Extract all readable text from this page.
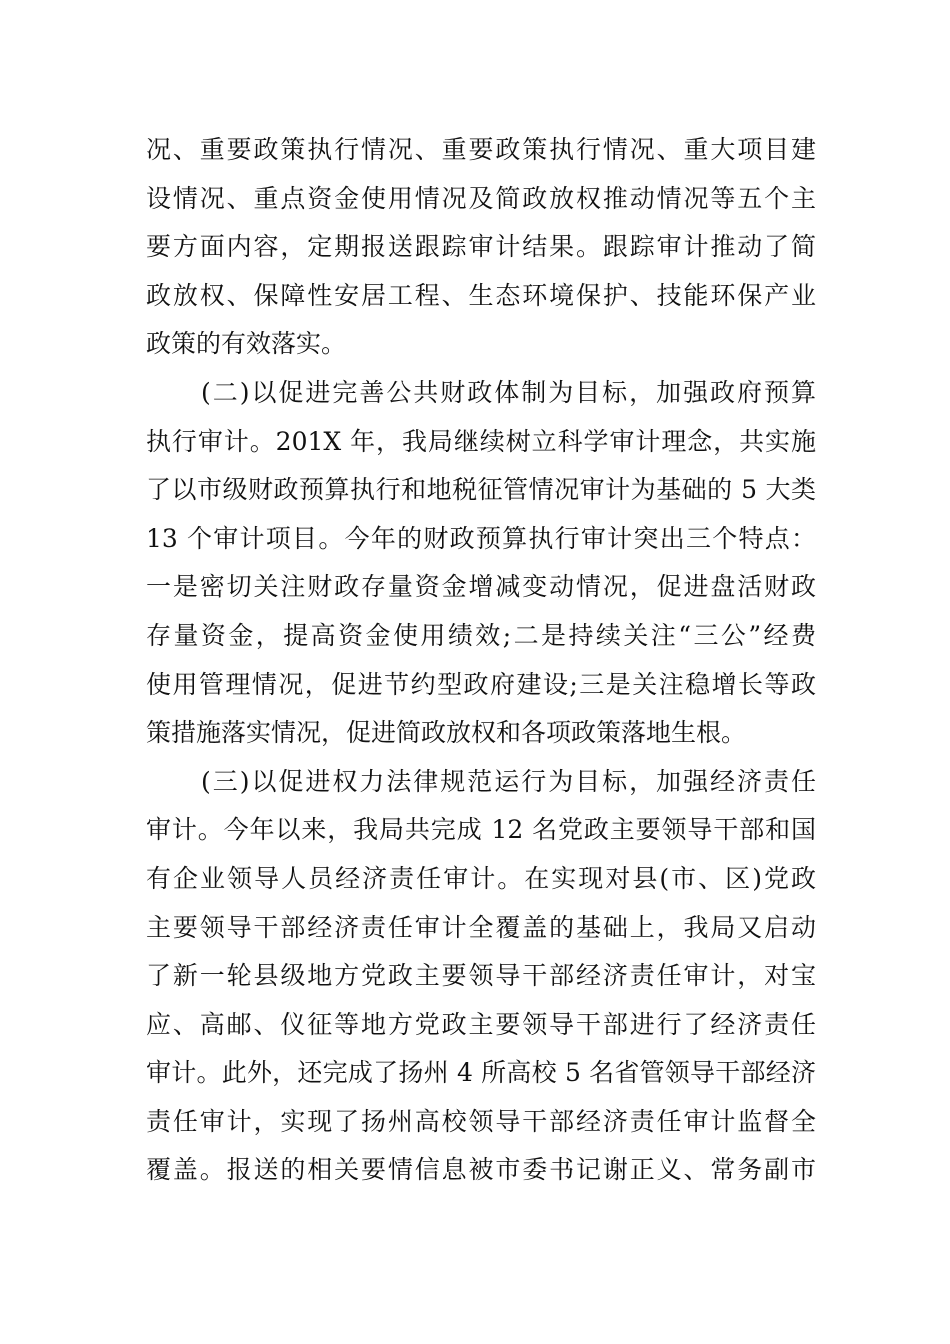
况、重要政策执行情况、重要政策执行情况、重大项目建
设情况、重点资金使用情况及简政放权推动情况等五个主
要方面内容，定期报送跟踪审计结果。跟踪审计推动了简
政放权、保障性安居工程、生态环境保护、技能环保产业
政策的有效落实。
(二)以促进完善公共财政体制为目标，加强政府预算
执行审计。201X 年，我局继续树立科学审计理念，共实施
了以市级财政预算执行和地税征管情况审计为基础的 5 大类
13 个审计项目。今年的财政预算执行审计突出三个特点：
一是密切关注财政存量资金增减变动情况，促进盘活财政
存量资金，提高资金使用绩效;二是持续关注“三公”经费
使用管理情况，促进节约型政府建设;三是关注稳增长等政
策措施落实情况，促进简政放权和各项政策落地生根。
(三)以促进权力法律规范运行为目标，加强经济责任
审计。今年以来，我局共完成 12 名党政主要领导干部和国
有企业领导人员经济责任审计。在实现对县(市、区)党政
主要领导干部经济责任审计全覆盖的基础上，我局又启动
了新一轮县级地方党政主要领导干部经济责任审计，对宝
应、高邮、仪征等地方党政主要领导干部进行了经济责任
审计。此外，还完成了扬州 4 所高校 5 名省管领导干部经济
责任审计，实现了扬州高校领导干部经济责任审计监督全
覆盖。报送的相关要情信息被市委书记谢正义、常务副市
